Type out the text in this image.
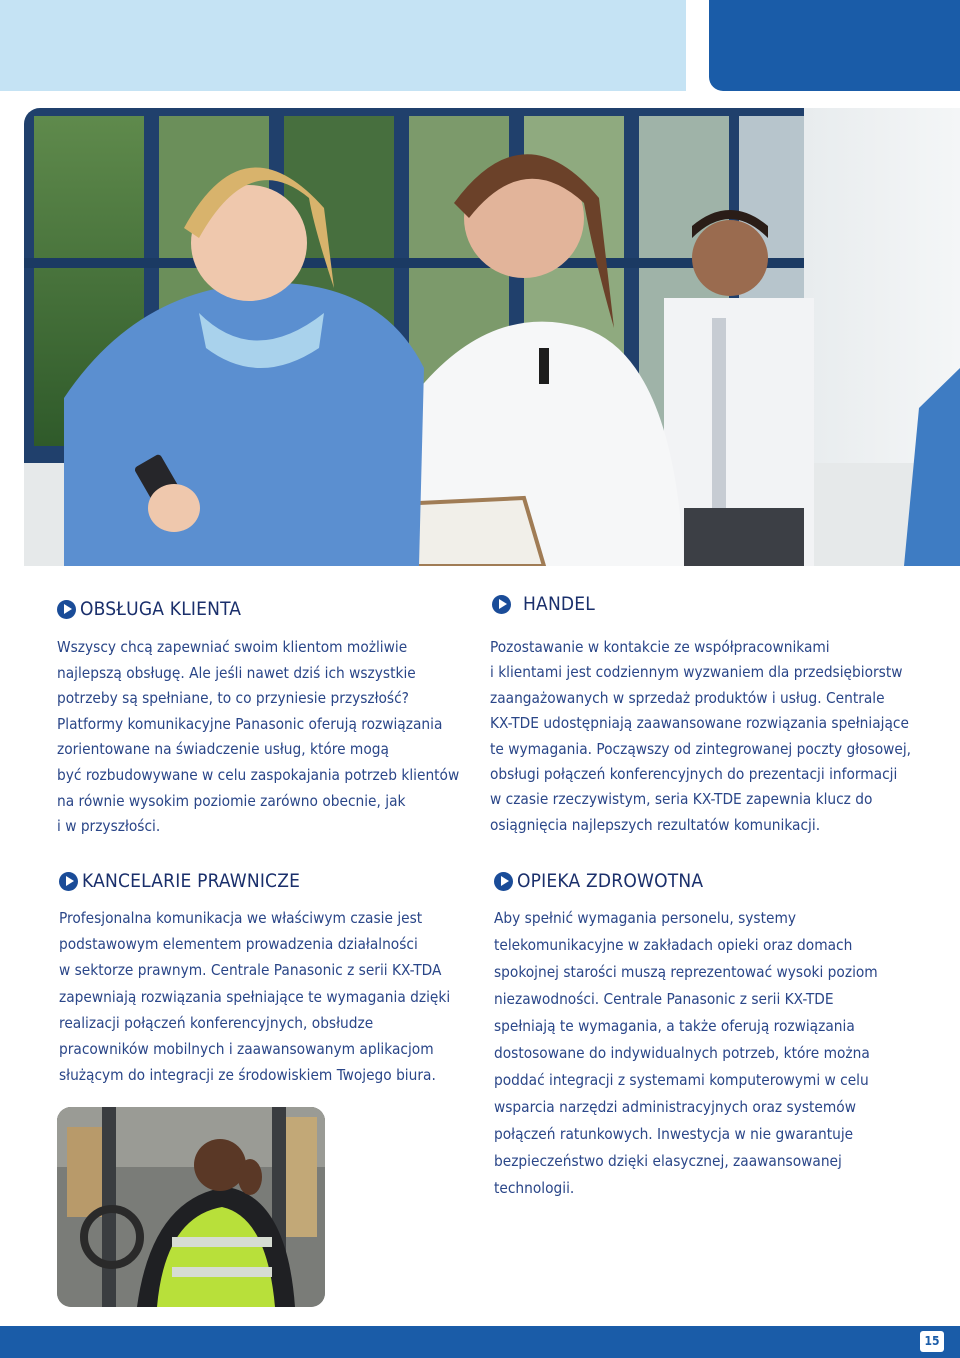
OBSŁUGA KLIENTA
Wszyscy chcą zapewniać swoim klientom możliwie
najlepszą obsługę. Ale jeśli nawet dziś ich wszystkie
potrzeby są spełniane, to co przyniesie przyszłość?
Platformy komunikacyjne Panasonic oferują rozwiązania
zorientowane na świadczenie usług, które mogą
być rozbudowywane w celu zaspokajania potrzeb klientów
na równie wysokim poziomie zarówno obecnie, jak
i w przyszłości.
HANDEL
Pozostawanie w kontakcie ze współpracownikami
i klientami jest codziennym wyzwaniem dla przedsiębiorstw
zaangażowanych w sprzedaż produktów i usług. Centrale
KX-TDE udostępniają zaawansowane rozwiązania spełniające
te wymagania. Począwszy od zintegrowanej poczty głosowej,
obsługi połączeń konferencyjnych do prezentacji informacji
w czasie rzeczywistym, seria KX-TDE zapewnia klucz do
osiągnięcia najlepszych rezultatów komunikacji.
KANCELARIE PRAWNICZE
Profesjonalna komunikacja we właściwym czasie jest
podstawowym elementem prowadzenia działalności
w sektorze prawnym. Centrale Panasonic z serii KX-TDA
zapewniają rozwiązania spełniające te wymagania dzięki
realizacji połączeń konferencyjnych, obsłudze
pracowników mobilnych i zaawansowanym aplikacjom
służącym do integracji ze środowiskiem Twojego biura.
OPIEKA ZDROWOTNA
Aby spełnić wymagania personelu, systemy
telekomunikacyjne w zakładach opieki oraz domach
spokojnej starości muszą reprezentować wysoki poziom
niezawodności. Centrale Panasonic z serii KX-TDE
spełniają te wymagania, a także oferują rozwiązania
dostosowane do indywidualnych potrzeb, które można
poddać integracji z systemami komputerowymi w celu
wsparcia narzędzi administracyjnych oraz systemów
połączeń ratunkowych. Inwestycja w nie gwarantuje
bezpieczeństwo dzięki elasycznej, zaawansowanej
technologii.
15
